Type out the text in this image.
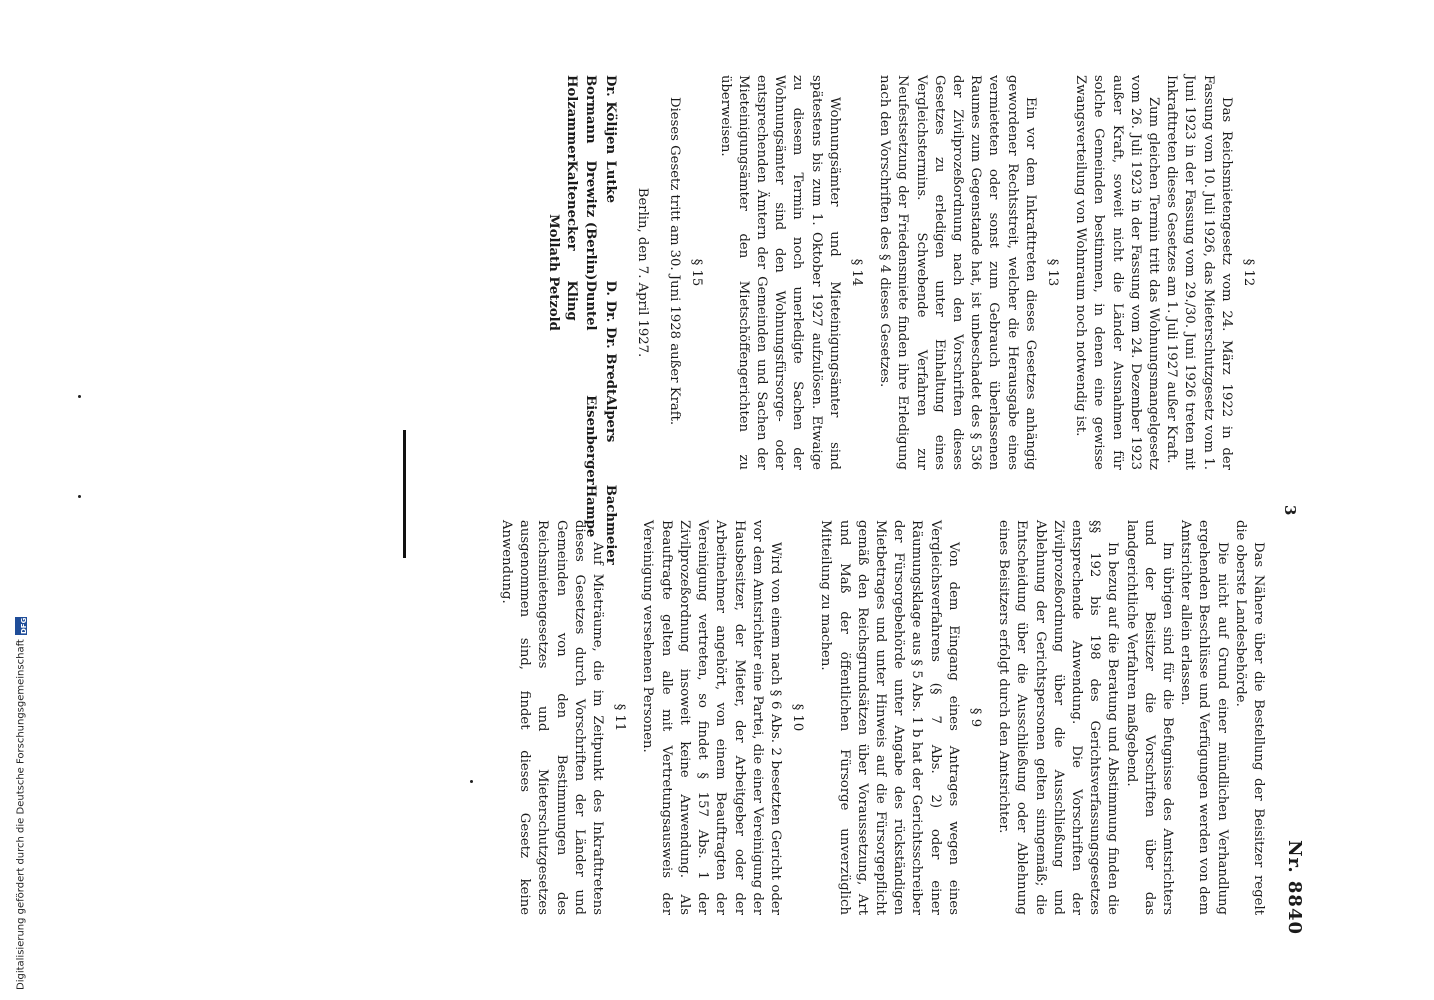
3
Nr. 8840
§ 12

Das Reichsmietengesetz vom 24. März 1922 in der Fassung vom 10. Juli 1926, das Mieterschutzgesetz vom 1. Juni 1923 in der Fassung vom 29./30. Juni 1926 treten mit Inkrafttreten dieses Gesetzes am 1. Juli 1927 außer Kraft.

Zum gleichen Termin tritt das Wohnungsmangelgesetz vom 26. Juli 1923 in der Fassung vom 24. Dezember 1923 außer Kraft, soweit nicht die Länder Ausnahmen für solche Gemeinden bestimmen, in denen eine gewisse Zwangsverteilung von Wohnraum noch notwendig ist.

§ 13

Ein vor dem Inkrafttreten dieses Gesetzes anhängig gewordener Rechtsstreit, welcher die Herausgabe eines vermieteten oder sonst zum Gebrauch überlassenen Raumes zum Gegenstande hat, ist unbeschadet des § 536 der Zivilprozeßordnung nach den Vorschriften dieses Gesetzes zu erledigen unter Einhaltung eines Vergleichstermins. Schwebende Verfahren zur Neufestsetzung der Friedensmiete finden ihre Erledigung nach den Vorschriften des § 4 dieses Gesetzes.

§ 14

Wohnungsämter und Mieteinigungsämter sind spätestens bis zum 1. Oktober 1927 aufzulösen. Etwaige zu diesem Termin noch unerledigte Sachen der Wohnungsämter sind den Wohnungsfürsorge- oder entsprechenden Ämtern der Gemeinden und Sachen der Mieteinigungsämter den Mietschöffengerichten zu überweisen.

§ 15

Dieses Gesetz tritt am 30. Juni 1928 außer Kraft.

Berlin, den 7. April 1927.
Dr. Kölijen
Lutke
D. Dr. Dr. Bredt
Alpers
Bachmeier
Bormann
Drewitz (Berlin)
Duntel
Eisenberger
Hampe
Holzammer
Kaltenecker
Kling
Mollath Petzold

Das Nähere über die Bestellung der Beisitzer regelt die oberste Landesbehörde.

Die nicht auf Grund einer mündlichen Verhandlung ergehenden Beschlüsse und Verfügungen werden von dem Amtsrichter allein erlassen.

Im übrigen sind für die Befugnisse des Amtsrichters und der Beisitzer die Vorschriften über das landgerichtliche Verfahren maßgebend.

In bezug auf die Beratung und Abstimmung finden die §§ 192 bis 198 des Gerichtsverfassungsgesetzes entsprechende Anwendung. Die Vorschriften der Zivilprozeßordnung über die Ausschließung und Ablehnung der Gerichtspersonen gelten sinngemäß; die Entscheidung über die Ausschließung oder Ablehnung eines Beisitzers erfolgt durch den Amtsrichter.

§ 9

Von dem Eingang eines Antrages wegen eines Vergleichsverfahrens (§ 7 Abs. 2) oder einer Räumungsklage aus § 5 Abs. 1 b hat der Gerichtsschreiber der Fürsorgebehörde unter Angabe des rückständigen Mietbetrages und unter Hinweis auf die Fürsorgepflicht gemäß den Reichsgrundsätzen über Voraussetzung, Art und Maß der öffentlichen Fürsorge unverzüglich Mitteilung zu machen.

§ 10

Wird von einem nach § 6 Abs. 2 besetzten Gericht oder vor dem Amtsrichter eine Partei, die einer Vereinigung der Hausbesitzer, der Mieter, der Arbeitgeber oder der Arbeitnehmer angehört, von einem Beauftragten der Vereinigung vertreten, so findet § 157 Abs. 1 der Zivilprozeßordnung insoweit keine Anwendung. Als Beauftragte gelten alle mit Vertretungsausweis der Vereinigung versehenen Personen.

§ 11

Auf Mieträume, die im Zeitpunkt des Inkrafttretens dieses Gesetzes durch Vorschriften der Länder und Gemeinden von den Bestimmungen des Reichsmietengesetzes und Mieterschutzgesetzes ausgenommen sind, findet dieses Gesetz keine Anwendung.

Digitalisierung gefördert durch die Deutsche Forschungsgemeinschaft
DFG
